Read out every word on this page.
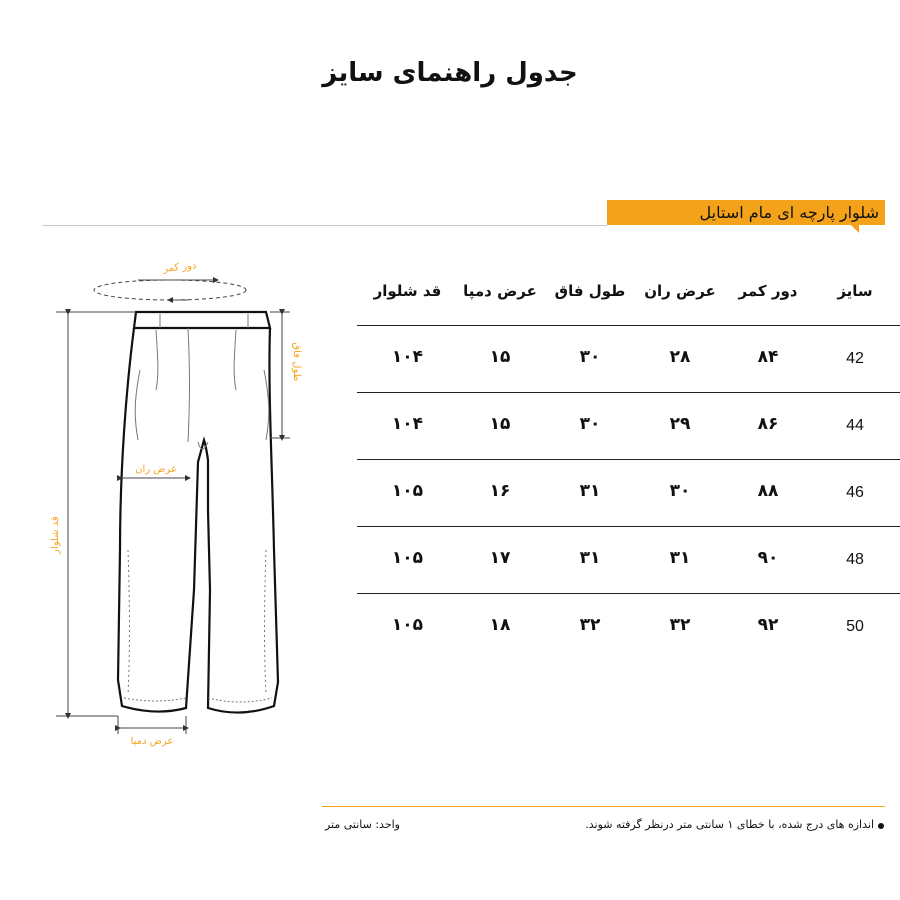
جدول راهنمای سایز
شلوار پارچه ای مام استایل
دور کمر
طول فاق
عرض ران
قد شلوار
عرض دمپا
سایز
دور کمر
عرض ران
طول فاق
عرض دمپا
قد شلوار
42
۸۴
۲۸
۳۰
۱۵
۱۰۴
44
۸۶
۲۹
۳۰
۱۵
۱۰۴
46
۸۸
۳۰
۳۱
۱۶
۱۰۵
48
۹۰
۳۱
۳۱
۱۷
۱۰۵
50
۹۲
۳۲
۳۲
۱۸
۱۰۵
اندازه های درج شده، با خطای ۱ سانتی متر درنظر گرفته شوند.
واحد: سانتی متر
